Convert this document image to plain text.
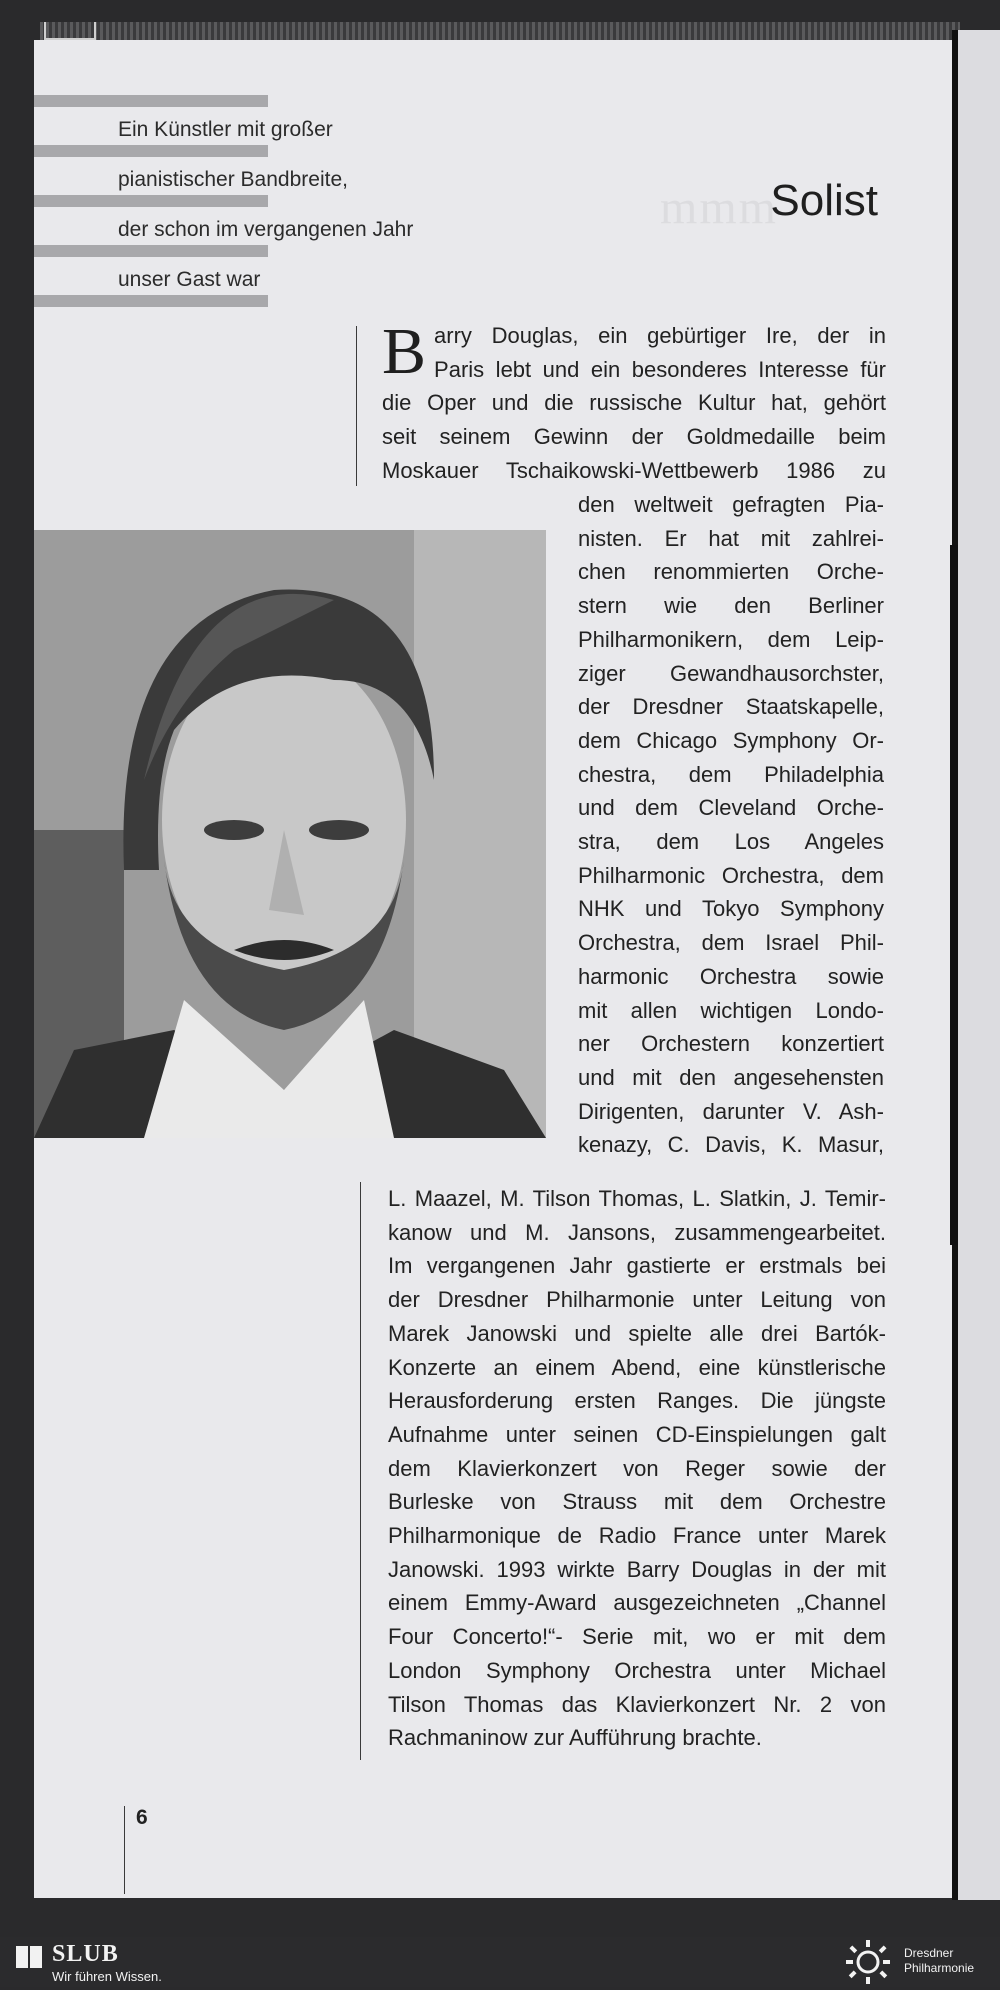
Ein Künstler mit großer
pianistischer Bandbreite,
der schon im vergangenen Jahr
unser Gast war
mmm
Solist
B arry Douglas, ein gebürtiger Ire, der in

Paris lebt und ein besonderes Interesse für

die Oper und die russische Kultur hat, gehört

seit seinem Gewinn der Goldmedaille beim

Moskauer Tschaikowski-Wettbewerb 1986 zu

den weltweit gefragten Pia-

nisten. Er hat mit zahlrei-

chen renommierten Orche-

stern wie den Berliner

Philharmonikern, dem Leip-

ziger Gewandhausorchster,

der Dresdner Staatskapelle,

dem Chicago Symphony Or-

chestra, dem Philadelphia

und dem Cleveland Orche-

stra, dem Los Angeles

Philharmonic Orchestra, dem

NHK und Tokyo Symphony

Orchestra, dem Israel Phil-

harmonic Orchestra sowie

mit allen wichtigen Londo-

ner Orchestern konzertiert

und mit den angesehensten

Dirigenten, darunter V. Ash-

kenazy, C. Davis, K. Masur,

L. Maazel, M. Tilson Thomas, L. Slatkin, J. Temir-

kanow und M. Jansons, zusammengearbeitet.

Im vergangenen Jahr gastierte er erstmals bei

der Dresdner Philharmonie unter Leitung von

Marek Janowski und spielte alle drei Bartók-

Konzerte an einem Abend, eine künstlerische

Herausforderung ersten Ranges. Die jüngste

Aufnahme unter seinen CD-Einspielungen galt

dem Klavierkonzert von Reger sowie der

Burleske von Strauss mit dem Orchestre

Philharmonique de Radio France unter Marek

Janowski. 1993 wirkte Barry Douglas in der mit

einem Emmy-Award ausgezeichneten „Channel

Four Concerto!“- Serie mit, wo er mit dem

London Symphony Orchestra unter Michael

Tilson Thomas das Klavierkonzert Nr. 2 von

Rachmaninow zur Aufführung brachte.

6
SLUB
Wir führen Wissen.
Dresdner
Philharmonie
